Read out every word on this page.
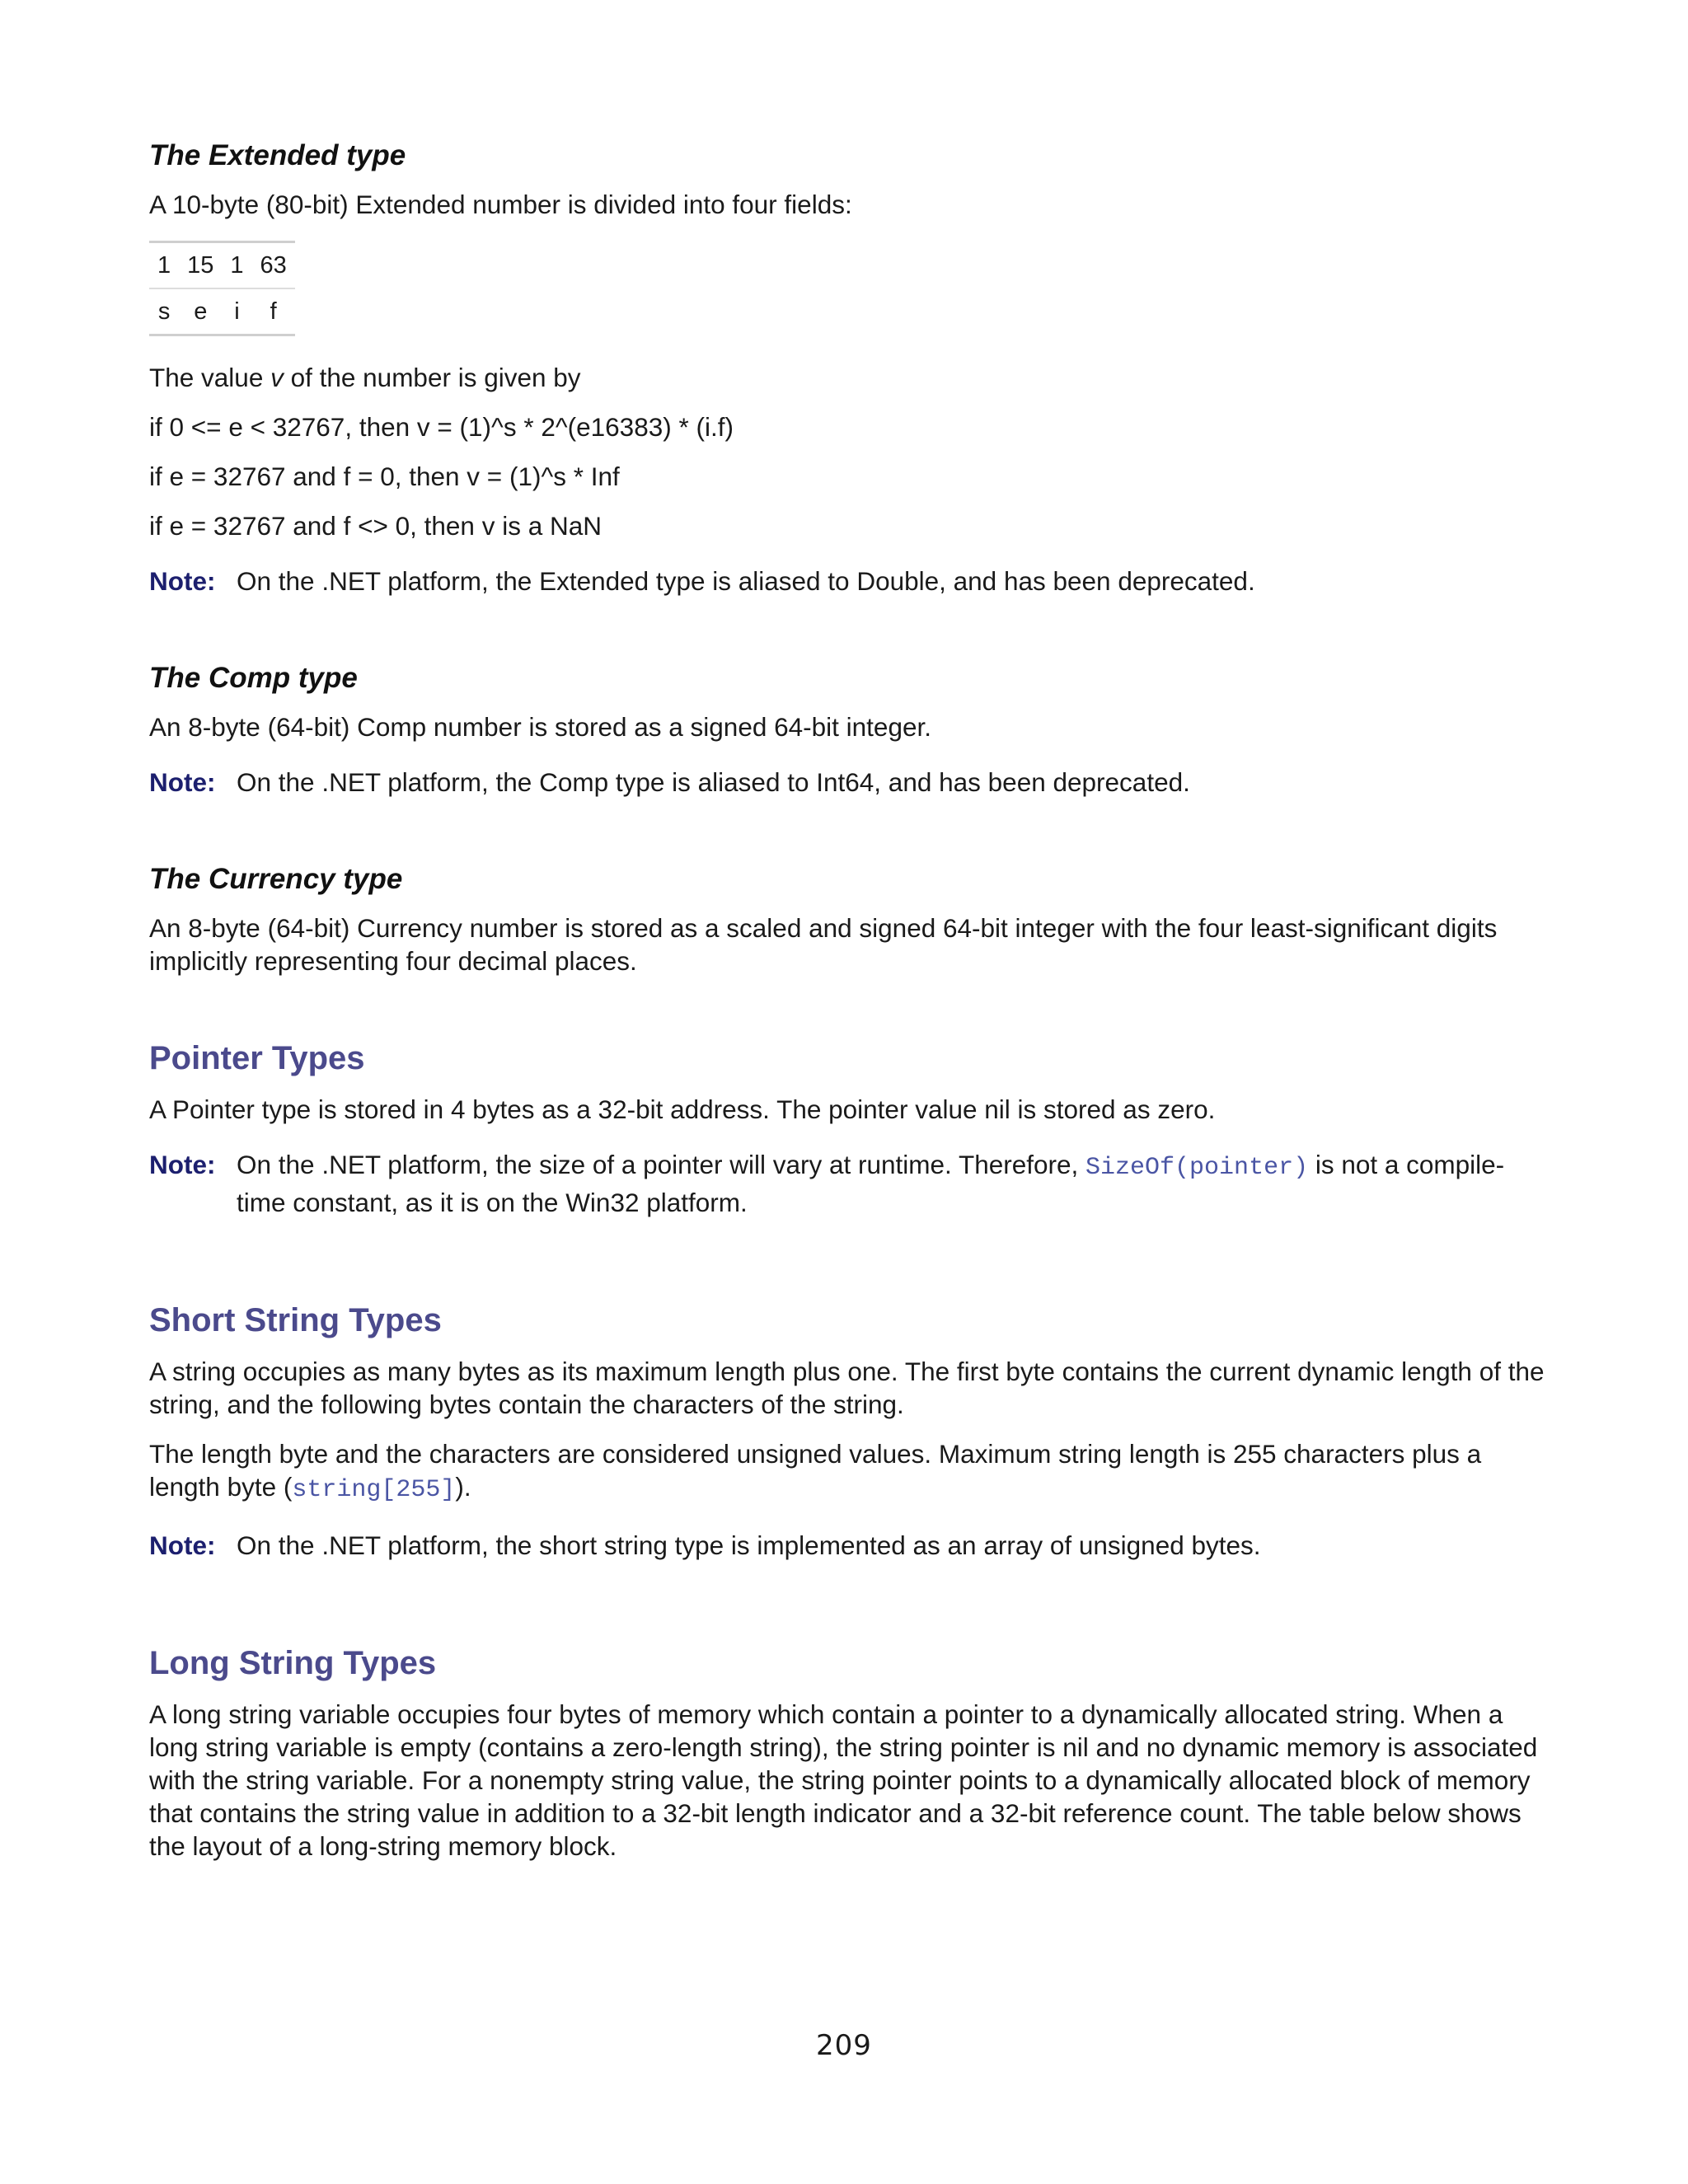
The Extended type

A 10-byte (80-bit) Extended number is divided into four fields:

1	15	1	63
s	e	i	f

The value v of the number is given by

if 0 <= e < 32767, then v = (1)^s * 2^(e16383) * (i.f)

if e = 32767 and f = 0, then v = (1)^s * Inf

if e = 32767 and f <> 0, then v is a NaN

Note: On the .NET platform, the Extended type is aliased to Double, and has been deprecated.
The Comp type

An 8-byte (64-bit) Comp number is stored as a signed 64-bit integer.

Note: On the .NET platform, the Comp type is aliased to Int64, and has been deprecated.
The Currency type

An 8-byte (64-bit) Currency number is stored as a scaled and signed 64-bit integer with the four least-significant digits implicitly representing four decimal places.

Pointer Types

A Pointer type is stored in 4 bytes as a 32-bit address. The pointer value nil is stored as zero.

Note: On the .NET platform, the size of a pointer will vary at runtime. Therefore, SizeOf(pointer) is not a compile-time constant, as it is on the Win32 platform.
Short String Types

A string occupies as many bytes as its maximum length plus one. The first byte contains the current dynamic length of the string, and the following bytes contain the characters of the string.

The length byte and the characters are considered unsigned values. Maximum string length is 255 characters plus a length byte (string[255]).

Note: On the .NET platform, the short string type is implemented as an array of unsigned bytes.
Long String Types

A long string variable occupies four bytes of memory which contain a pointer to a dynamically allocated string. When a long string variable is empty (contains a zero-length string), the string pointer is nil and no dynamic memory is associated with the string variable. For a nonempty string value, the string pointer points to a dynamically allocated block of memory that contains the string value in addition to a 32-bit length indicator and a 32-bit reference count. The table below shows the layout of a long-string memory block.

209
